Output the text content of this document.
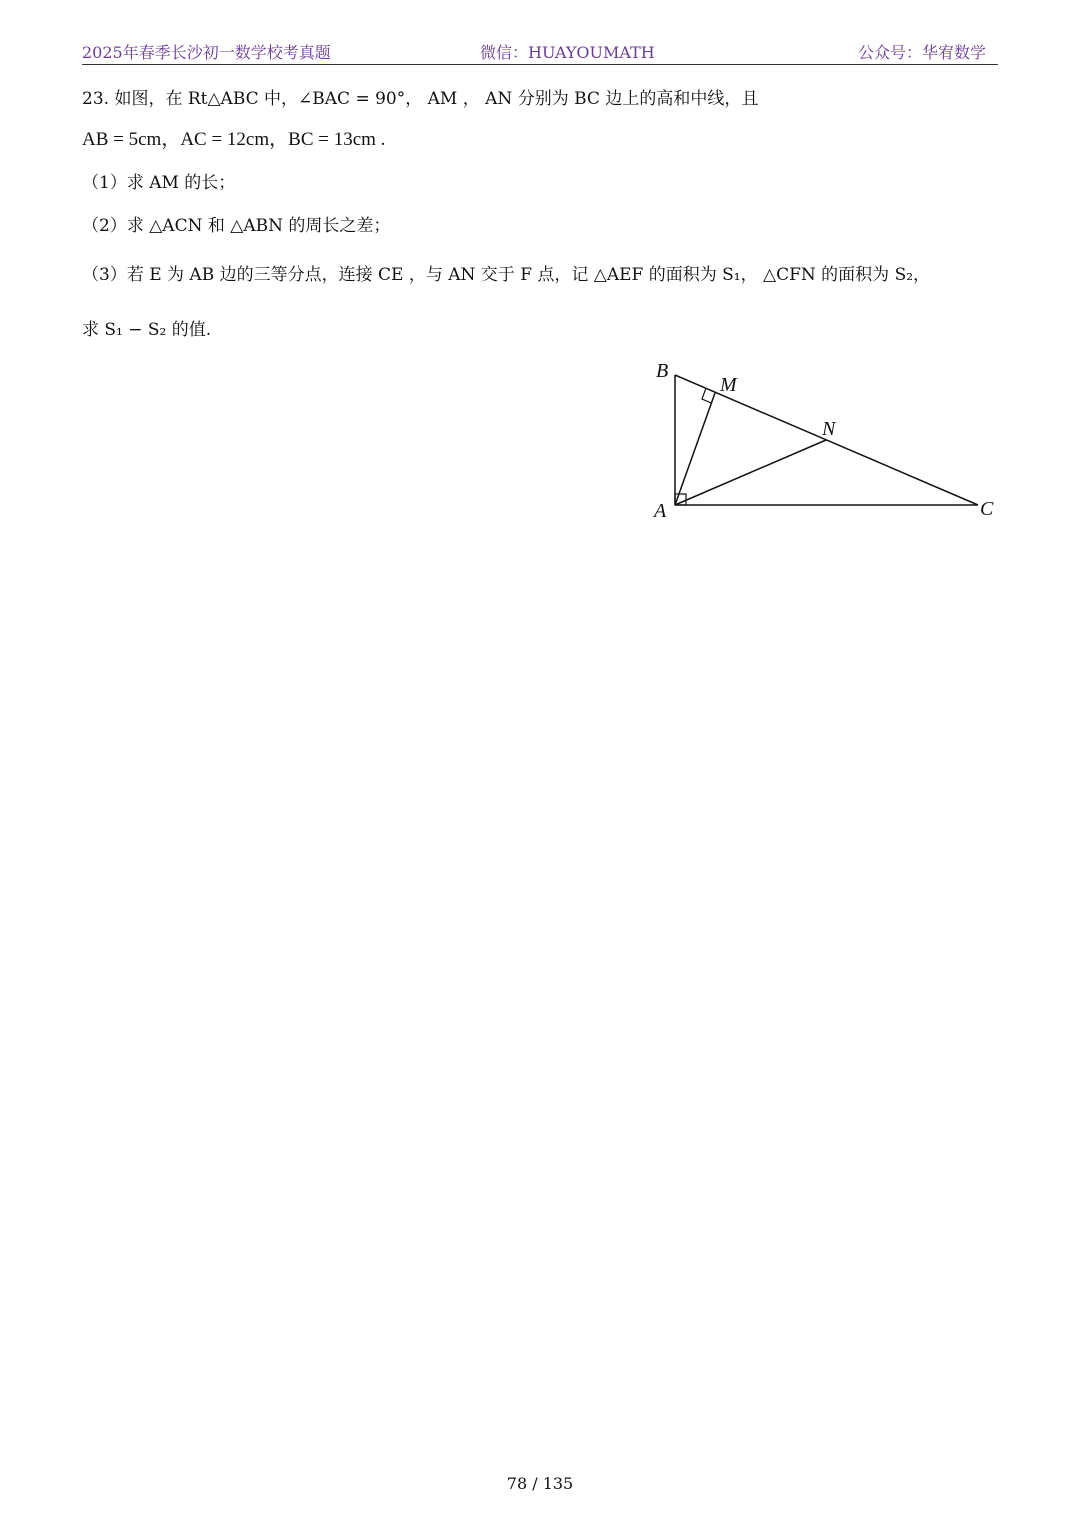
2025年春季长沙初一数学校考真题	微信：HUAYOUMATH	公众号：华宥数学
23. 如图，在 Rt△ABC 中，∠BAC = 90°， AM ， AN 分别为 BC 边上的高和中线，且
AB = 5cm，AC = 12cm，BC = 13cm .
（1）求 AM 的长；
（2）求 △ACN 和 △ABN 的周长之差；
（3）若 E 为 AB 边的三等分点，连接 CE ，与 AN 交于 F 点，记 △AEF 的面积为 S₁， △CFN 的面积为 S₂，
求 S₁ − S₂ 的值.
B
M
N
A	C
78 / 135
